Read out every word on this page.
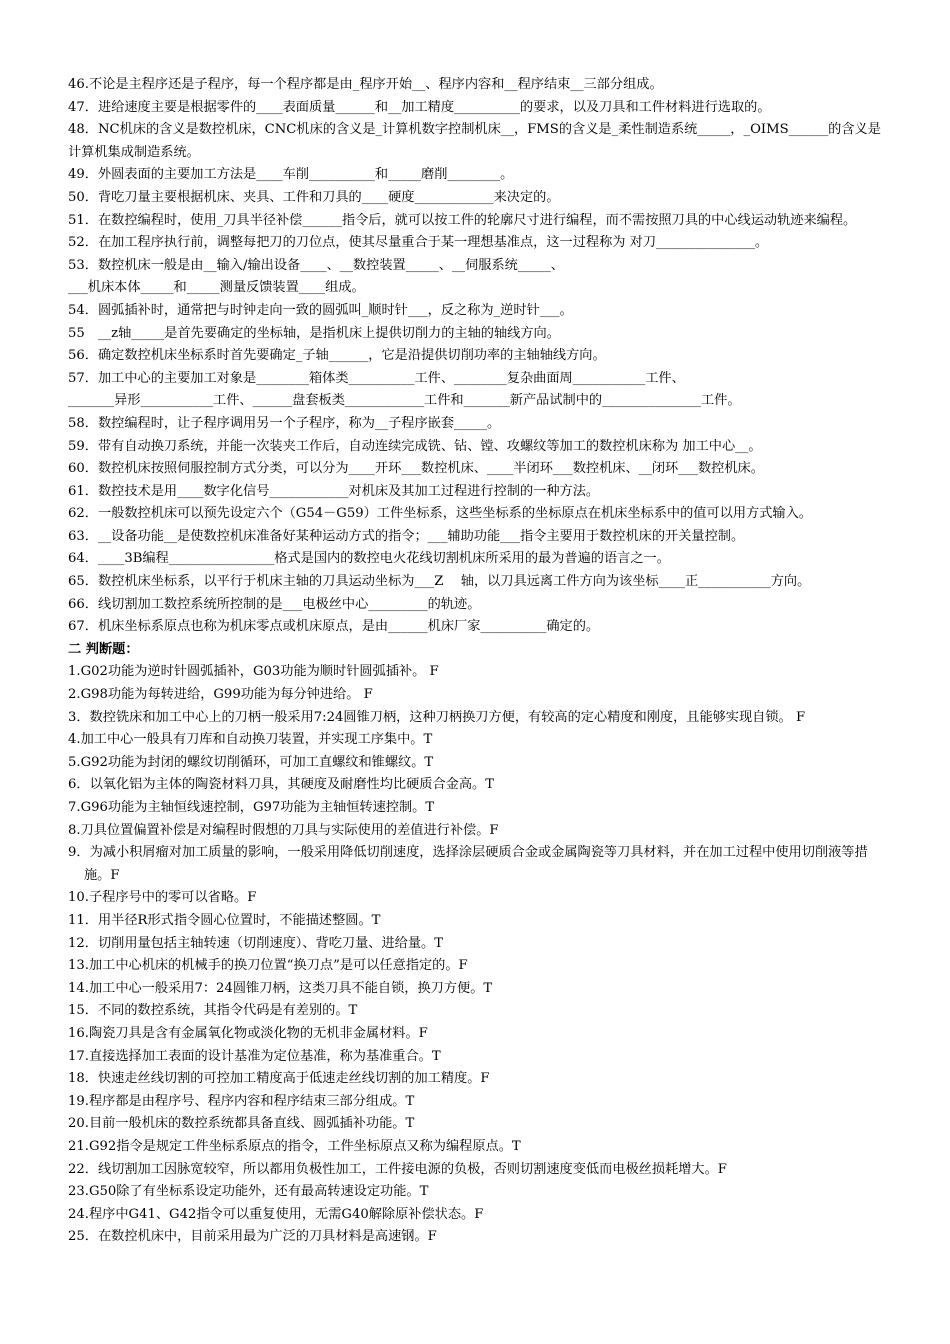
46.不论是主程序还是子程序，每一个程序都是由_程序开始__、程序内容和__程序结束__三部分组成。
47．进给速度主要是根据零件的____表面质量______和__加工精度__________的要求，以及刀具和工件材料进行选取的。
48．NC机床的含义是数控机床，CNC机床的含义是_计算机数字控制机床__，FMS的含义是_柔性制造系统_____，_OIMS______的含义是计算机集成制造系统。
49．外圆表面的主要加工方法是____车削__________和_____磨削________。
50．背吃刀量主要根据机床、夹具、工件和刀具的____硬度____________来决定的。
51．在数控编程时，使用_刀具半径补偿______指令后，就可以按工件的轮廓尺寸进行编程，而不需按照刀具的中心线运动轨迹来编程。
52．在加工程序执行前，调整每把刀的刀位点，使其尽量重合于某一理想基准点，这一过程称为 对刀_______________。
53．数控机床一般是由__输入/输出设备____、__数控装置_____、__伺服系统_____、
___机床本体_____和_____测量反馈装置____组成。
54．圆弧插补时，通常把与时钟走向一致的圆弧叫_顺时针___，反之称为_逆时针___。
55　__z轴_____是首先要确定的坐标轴，是指机床上提供切削力的主轴的轴线方向。
56．确定数控机床坐标系时首先要确定_子轴______，它是沿提供切削功率的主轴轴线方向。
57．加工中心的主要加工对象是________箱体类__________工件、________复杂曲面周___________工件、
_______异形___________工件、______盘套板类____________工件和_______新产品试制中的_______________工件。
58．数控编程时，让子程序调用另一个子程序，称为__子程序嵌套_____。
59．带有自动换刀系统，并能一次装夹工作后，自动连续完成铣、钻、镗、攻螺纹等加工的数控机床称为 加工中心__。
60．数控机床按照伺服控制方式分类，可以分为____开环___数控机床、____半闭环___数控机床、__闭环___数控机床。
61．数控技术是用____数字化信号____________对机床及其加工过程进行控制的一种方法。
62．一般数控机床可以预先设定六个（G54－G59）工件坐标系，这些坐标系的坐标原点在机床坐标系中的值可以用方式输入。
63．__设备功能__是使数控机床准备好某种运动方式的指令；___辅助功能___指令主要用于数控机床的开关量控制。
64．____3B编程________________格式是国内的数控电火花线切割机床所采用的最为普遍的语言之一。
65．数控机床坐标系，以平行于机床主轴的刀具运动坐标为___Z　 轴，以刀具远离工件方向为该坐标____正___________方向。
66．线切割加工数控系统所控制的是___电极丝中心_________的轨迹。
67．机床坐标系原点也称为机床零点或机床原点，是由______机床厂家__________确定的。
二 判断题：
1.G02功能为逆时针圆弧插补，G03功能为顺时针圆弧插补。 F
2.G98功能为每转进给，G99功能为每分钟进给。 F
3．数控铣床和加工中心上的刀柄一般采用7:24圆锥刀柄，这种刀柄换刀方便，有较高的定心精度和刚度，且能够实现自锁。 F
4.加工中心一般具有刀库和自动换刀装置，并实现工序集中。T
5.G92功能为封闭的螺纹切削循环，可加工直螺纹和锥螺纹。T
6．以氧化铝为主体的陶瓷材料刀具，其硬度及耐磨性均比硬质合金高。T
7.G96功能为主轴恒线速控制，G97功能为主轴恒转速控制。T
8.刀具位置偏置补偿是对编程时假想的刀具与实际使用的差值进行补偿。F
9．为减小积屑瘤对加工质量的影响，一般采用降低切削速度，选择涂层硬质合金或金属陶瓷等刀具材料，并在加工过程中使用切削液等措施。F
10.子程序号中的零可以省略。F
11．用半径R形式指令圆心位置时，不能描述整圆。T
12．切削用量包括主轴转速（切削速度）、背吃刀量、进给量。T
13.加工中心机床的机械手的换刀位置“换刀点”是可以任意指定的。F
14.加工中心一般采用7：24圆锥刀柄，这类刀具不能自锁，换刀方便。T
15．不同的数控系统，其指令代码是有差别的。T
16.陶瓷刀具是含有金属氧化物或淡化物的无机非金属材料。F
17.直接选择加工表面的设计基准为定位基准，称为基准重合。T
18．快速走丝线切割的可控加工精度高于低速走丝线切割的加工精度。F
19.程序都是由程序号、程序内容和程序结束三部分组成。T
20.目前一般机床的数控系统都具备直线、圆弧插补功能。T
21.G92指令是规定工件坐标系原点的指令，工件坐标原点又称为编程原点。T
22．线切割加工因脉宽较窄，所以都用负极性加工，工件接电源的负极，否则切割速度变低而电极丝损耗增大。F
23.G50除了有坐标系设定功能外，还有最高转速设定功能。T
24.程序中G41、G42指令可以重复使用，无需G40解除原补偿状态。F
25．在数控机床中，目前采用最为广泛的刀具材料是高速钢。F
